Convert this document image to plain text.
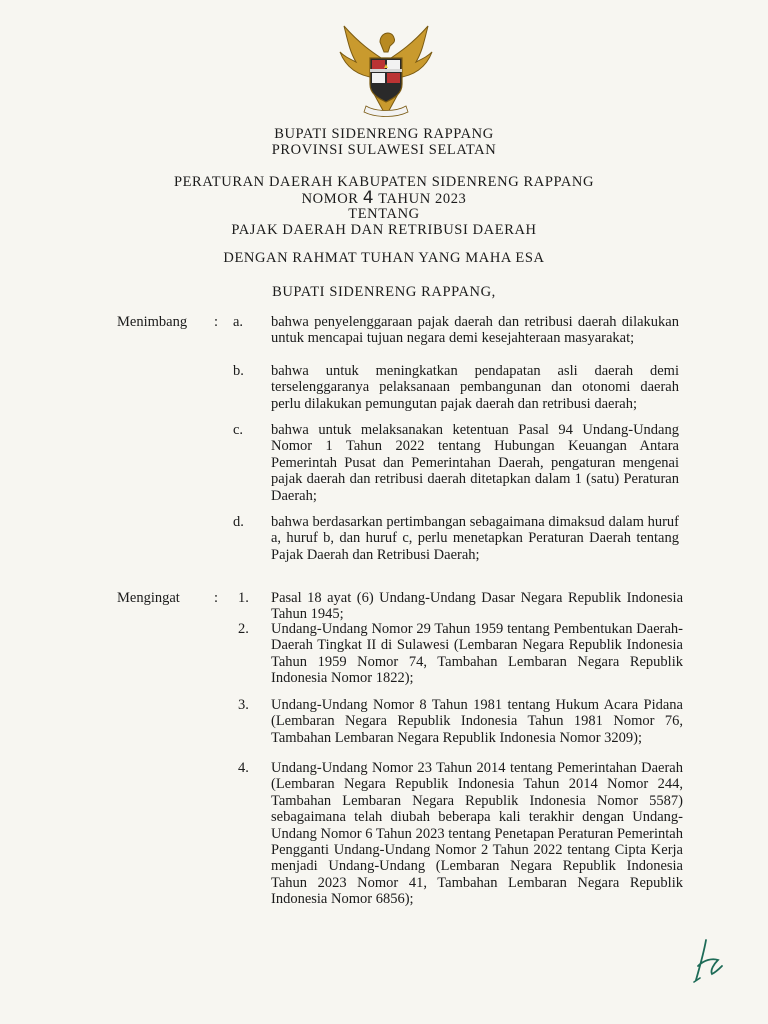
BUPATI SIDENRENG RAPPANG
PROVINSI SULAWESI SELATAN
PERATURAN DAERAH KABUPATEN SIDENRENG RAPPANG
NOMOR 4 TAHUN 2023
TENTANG
PAJAK DAERAH DAN RETRIBUSI DAERAH
DENGAN RAHMAT TUHAN YANG MAHA ESA
BUPATI SIDENRENG RAPPANG,
Menimbang : a. bahwa penyelenggaraan pajak daerah dan retribusi daerah dilakukan untuk mencapai tujuan negara demi kesejahteraan masyarakat;
b. bahwa untuk meningkatkan pendapatan asli daerah demi terselenggaranya pelaksanaan pembangunan dan otonomi daerah perlu dilakukan pemungutan pajak daerah dan retribusi daerah;
c. bahwa untuk melaksanakan ketentuan Pasal 94 Undang-Undang Nomor 1 Tahun 2022 tentang Hubungan Keuangan Antara Pemerintah Pusat dan Pemerintahan Daerah, pengaturan mengenai pajak daerah dan retribusi daerah ditetapkan dalam 1 (satu) Peraturan Daerah;
d. bahwa berdasarkan pertimbangan sebagaimana dimaksud dalam huruf a, huruf b, dan huruf c, perlu menetapkan Peraturan Daerah tentang Pajak Daerah dan Retribusi Daerah;
Mengingat : 1. Pasal 18 ayat (6) Undang-Undang Dasar Negara Republik Indonesia Tahun 1945;
2. Undang-Undang Nomor 29 Tahun 1959 tentang Pembentukan Daerah-Daerah Tingkat II di Sulawesi (Lembaran Negara Republik Indonesia Tahun 1959 Nomor 74, Tambahan Lembaran Negara Republik Indonesia Nomor 1822);
3. Undang-Undang Nomor 8 Tahun 1981 tentang Hukum Acara Pidana (Lembaran Negara Republik Indonesia Tahun 1981 Nomor 76, Tambahan Lembaran Negara Republik Indonesia Nomor 3209);
4. Undang-Undang Nomor 23 Tahun 2014 tentang Pemerintahan Daerah (Lembaran Negara Republik Indonesia Tahun 2014 Nomor 244, Tambahan Lembaran Negara Republik Indonesia Nomor 5587) sebagaimana telah diubah beberapa kali terakhir dengan Undang-Undang Nomor 6 Tahun 2023 tentang Penetapan Peraturan Pemerintah Pengganti Undang-Undang Nomor 2 Tahun 2022 tentang Cipta Kerja menjadi Undang-Undang (Lembaran Negara Republik Indonesia Tahun 2023 Nomor 41, Tambahan Lembaran Negara Republik Indonesia Nomor 6856);
